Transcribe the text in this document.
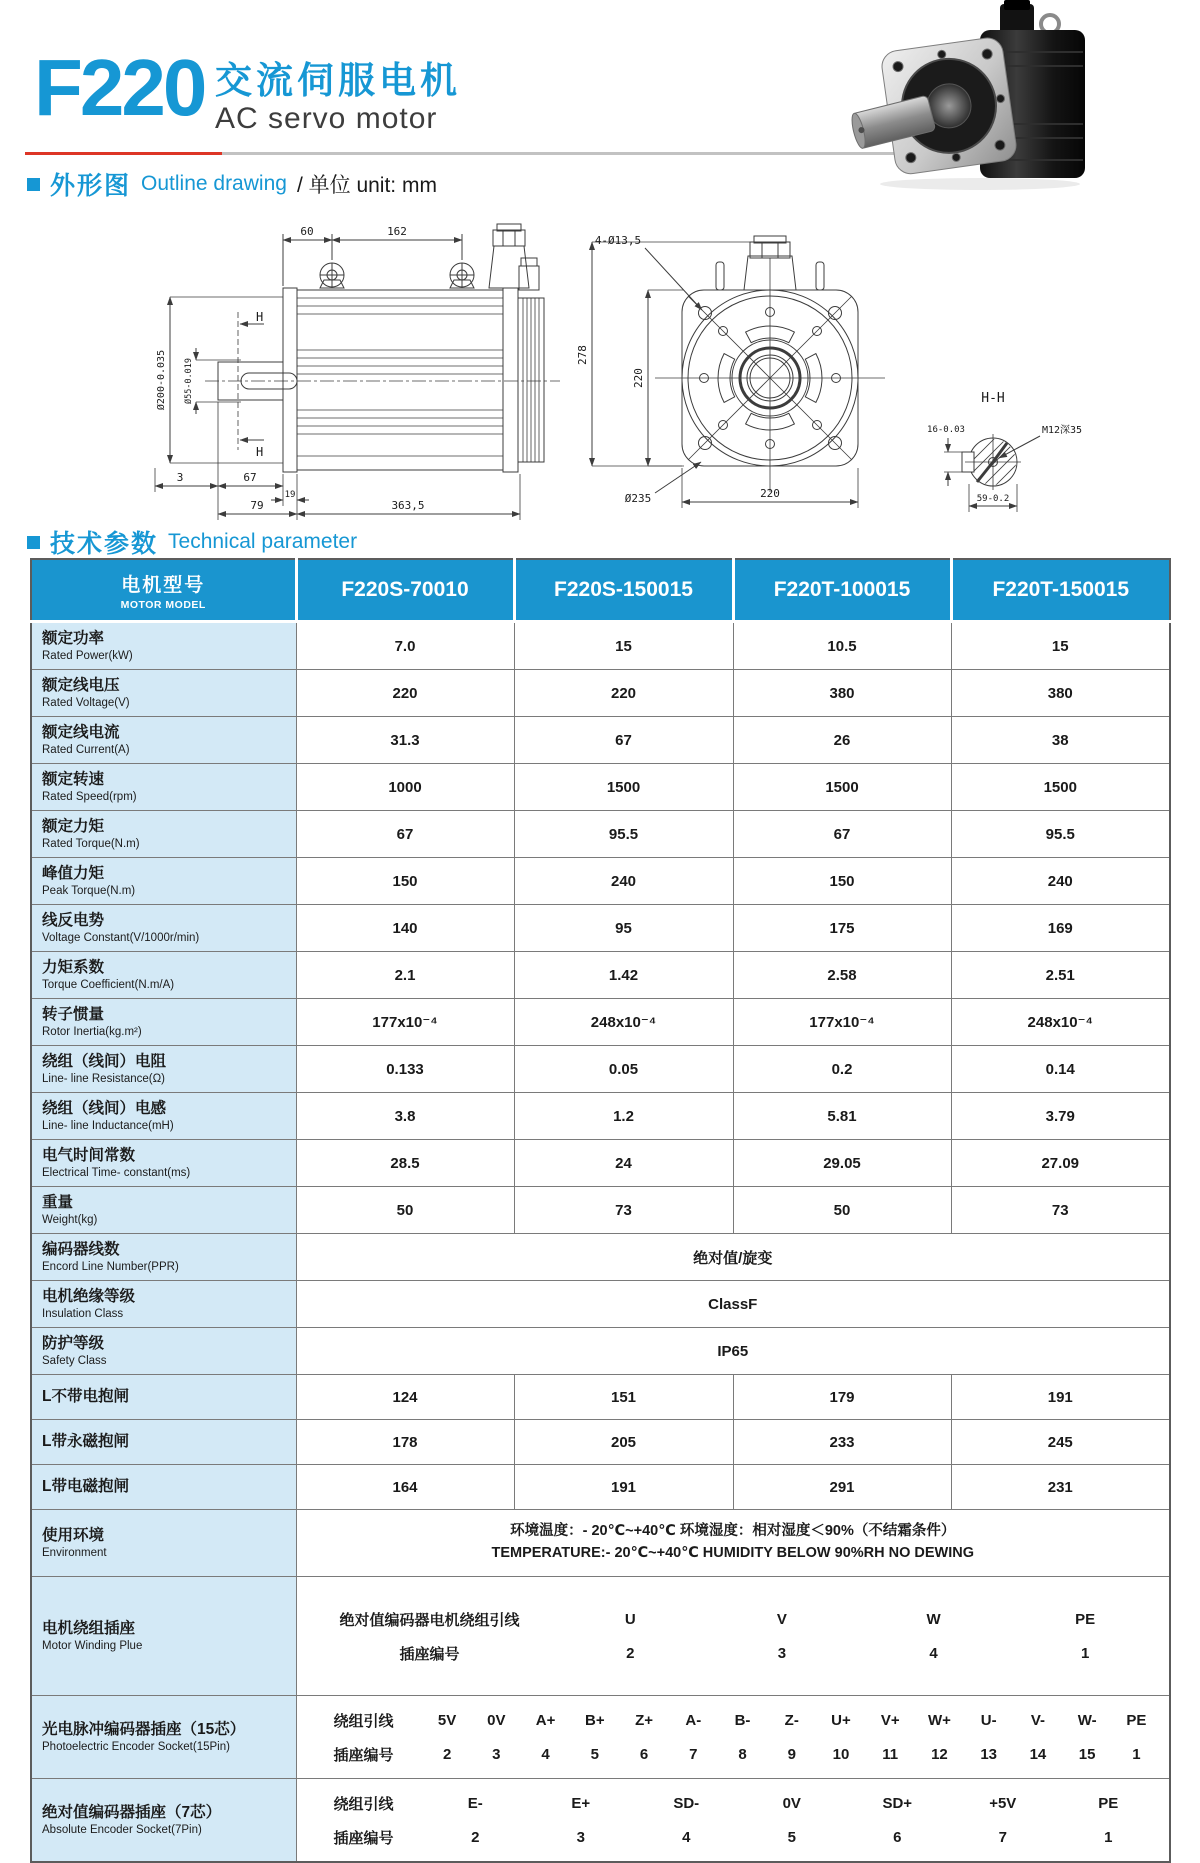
F220 交流伺服电机
AC servo motor
外形图 Outline drawing / 单位 unit: mm
60	162
Ø200-0.035 Ø55-0.019
H
H
3	67
19
79	363,5
4-Ø13,5
278
220
Ø235	220
H-H
16-0.03	M12深35
59-0.2
技术参数 Technical parameter
电机型号
MOTOR MODEL	F220S-70010	F220S-150015	F220T-100015	F220T-150015

额定功率
Rated Power(kW)	7.0	15	10.5	15

额定线电压
Rated Voltage(V)	220	220	380	380

额定线电流
Rated Current(A)	31.3	67	26	38

额定转速
Rated Speed(rpm)	1000	1500	1500	1500

额定力矩
Rated Torque(N.m)	67	95.5	67	95.5

峰值力矩
Peak Torque(N.m)	150	240	150	240

线反电势
Voltage Constant(V/1000r/min)	140	95	175	169

力矩系数
Torque Coefficient(N.m/A)	2.1	1.42	2.58	2.51

转子惯量
Rotor Inertia(kg.m²)	177x10⁻⁴	248x10⁻⁴	177x10⁻⁴	248x10⁻⁴

绕组（线间）电阻
Line- line Resistance(Ω)	0.133	0.05	0.2	0.14

绕组（线间）电感
Line- line Inductance(mH)	3.8	1.2	5.81	3.79

电气时间常数
Electrical Time- constant(ms)	28.5	24	29.05	27.09

重量
Weight(kg)	50	73	50	73

编码器线数
Encord Line Number(PPR)	绝对值/旋变			

电机绝缘等级
Insulation Class	ClassF			

防护等级
Safety Class	IP65			

L不带电抱闸	124	151	179	191

L带永磁抱闸	178	205	233	245

L带电磁抱闸	164	191	291	231

使用环境
Environment

环境温度：- 20℃~+40℃ 环境湿度：相对湿度＜90%（不结霜条件）
TEMPERATURE:- 20℃~+40℃ HUMIDITY BELOW 90%RH NO DEWING

电机绕组插座
Motor Winding Plue

绝对值编码器电机绕组引线	U	V	W	PE
插座编号	2	3	4	1

光电脉冲编码器插座（15芯）
Photoelectric Encoder Socket(15Pin)

绕组引线	5V	0V	A+	B+	Z+	A-	B-	Z-	U+	V+	W+	U-	V-	W-	PE
插座编号	2	3	4	5	6	7	8	9	10	11	12	13	14	15	1

绝对值编码器插座（7芯）
Absolute Encoder Socket(7Pin)

绕组引线	E-	E+	SD-	0V	SD+	+5V	PE
插座编号	2	3	4	5	6	7	1
